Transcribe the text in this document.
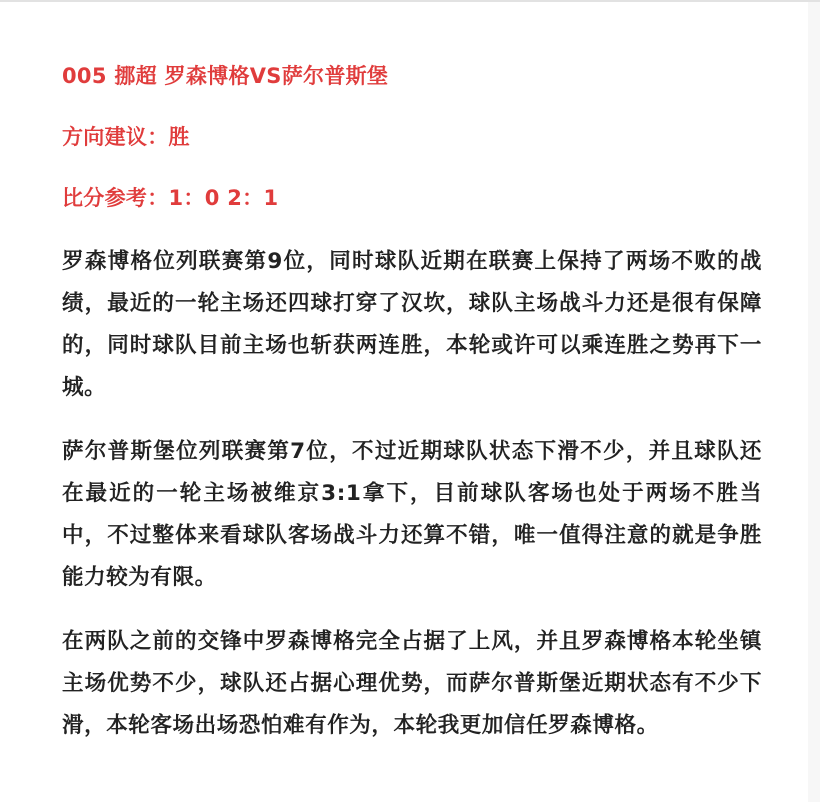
005 挪超 罗森博格VS萨尔普斯堡

方向建议：胜

比分参考：1：0 2：1

罗森博格位列联赛第9位，同时球队近期在联赛上保持了两场不败的战绩，最近的一轮主场还四球打穿了汉坎，球队主场战斗力还是很有保障的，同时球队目前主场也斩获两连胜，本轮或许可以乘连胜之势再下一城。

萨尔普斯堡位列联赛第7位，不过近期球队状态下滑不少，并且球队还在最近的一轮主场被维京3:1拿下，目前球队客场也处于两场不胜当中，不过整体来看球队客场战斗力还算不错，唯一值得注意的就是争胜能力较为有限。

在两队之前的交锋中罗森博格完全占据了上风，并且罗森博格本轮坐镇主场优势不少，球队还占据心理优势，而萨尔普斯堡近期状态有不少下滑，本轮客场出场恐怕难有作为，本轮我更加信任罗森博格。
